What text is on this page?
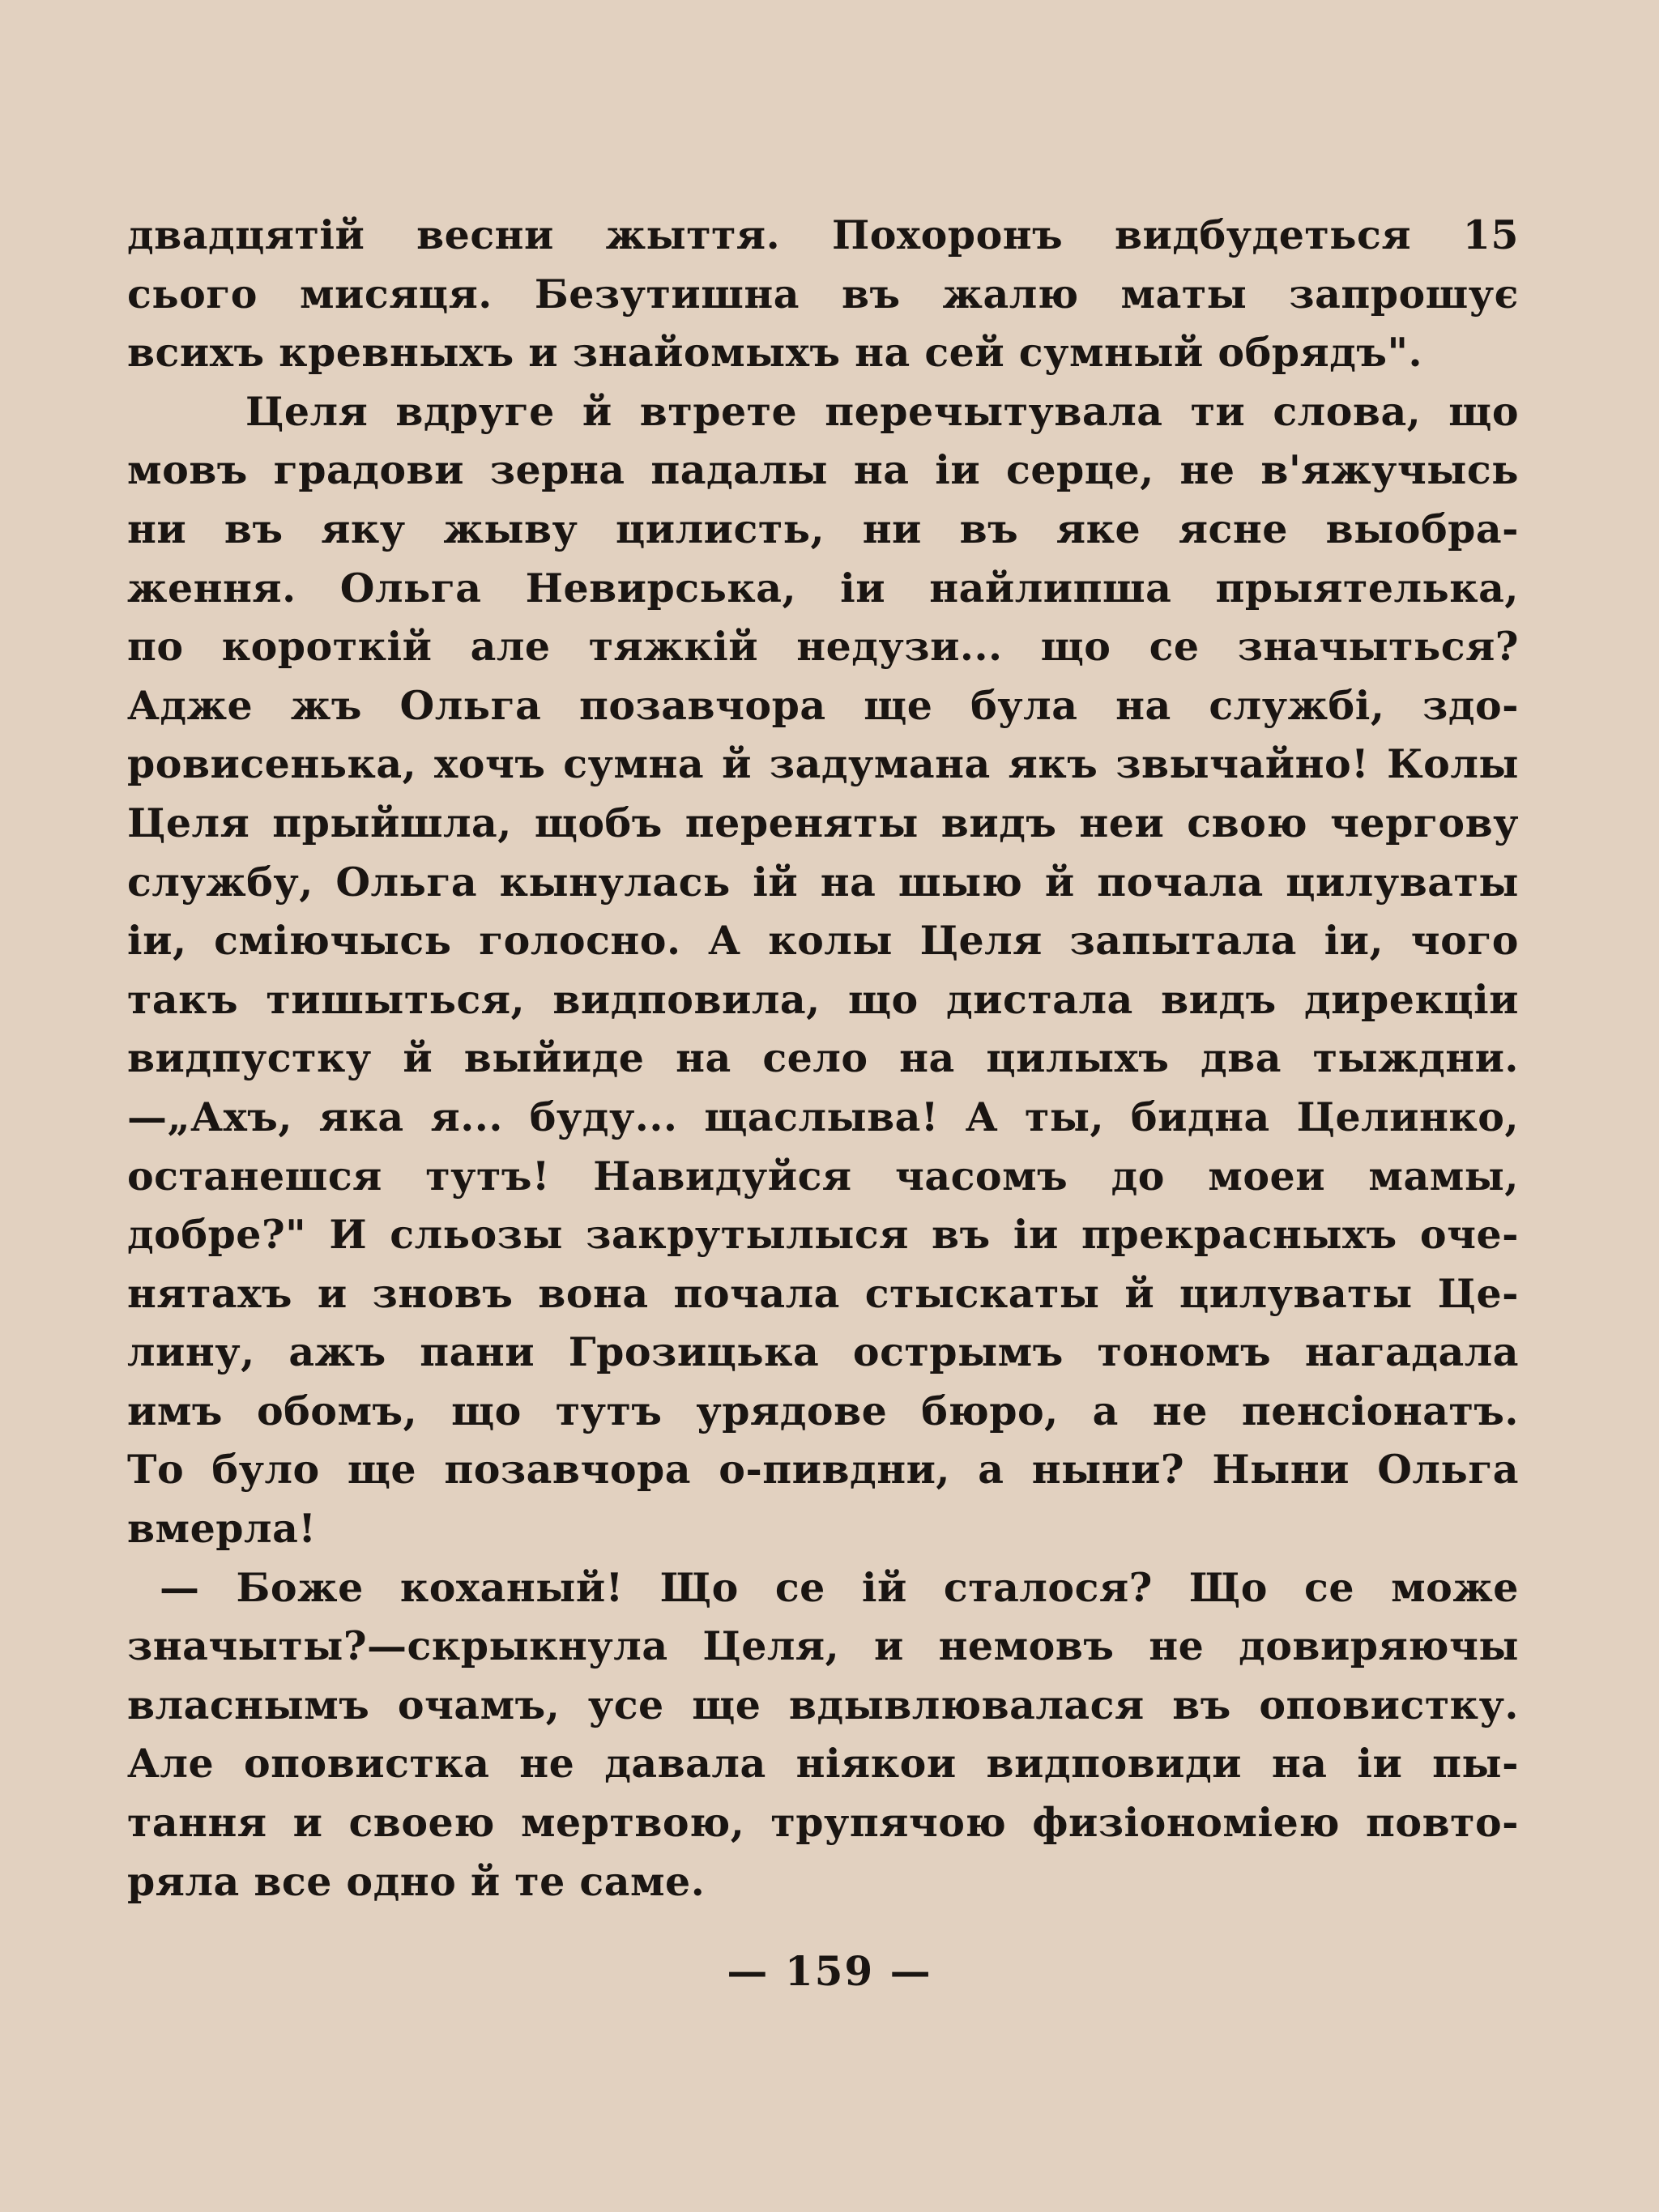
двадцятій весни жыття. Похоронъ видбудеться 15
сього мисяця. Безутишна въ жалю маты запрошує
всихъ кревныхъ и знайомыхъ на сей сумный обрядъ".
Целя вдруге й втрете перечытувала ти слова, що
мовъ градови зерна падалы на іи серце, не в'яжучысь
ни въ яку жыву цилисть, ни въ яке ясне выобра-
ження. Ольга Невирська, іи найлипша прыятелька,
по короткій але тяжкій недузи... що се значыться?
Адже жъ Ольга позавчора ще була на службі, здо-
ровисенька, хочъ сумна й задумана якъ звычайно! Колы
Целя прыйшла, щобъ переняты видъ неи свою чергову
службу, Ольга кынулась ій на шыю й почала цилуваты
іи, сміючысь голосно. А колы Целя запытала іи, чого
такъ тишыться, видповила, що дистала видъ дирекціи
видпустку й выйиде на село на цилыхъ два тыждни.
—„Ахъ, яка я... буду... щаслыва! А ты, бидна Целинко,
останешся тутъ! Навидуйся часомъ до моеи мамы,
добре?" И сльозы закрутылыся въ іи прекрасныхъ оче-
нятахъ и зновъ вона почала стыскаты й цилуваты Це-
лину, ажъ пани Грозицька острымъ тономъ нагадала
имъ обомъ, що тутъ урядове бюро, а не пенсіонатъ.
То було ще позавчора о-пивдни, а ныни? Ныни Ольга
вмерла!
— Боже коханый! Що се ій сталося? Що се може
значыты?—скрыкнула Целя, и немовъ не довиряючы
власнымъ очамъ, усе ще вдывлювалася въ оповистку.
Але оповистка не давала ніякои видповиди на іи пы-
тання и своею мертвою, трупячою физіономіею повто-
ряла все одно й те саме.
— 159 —
